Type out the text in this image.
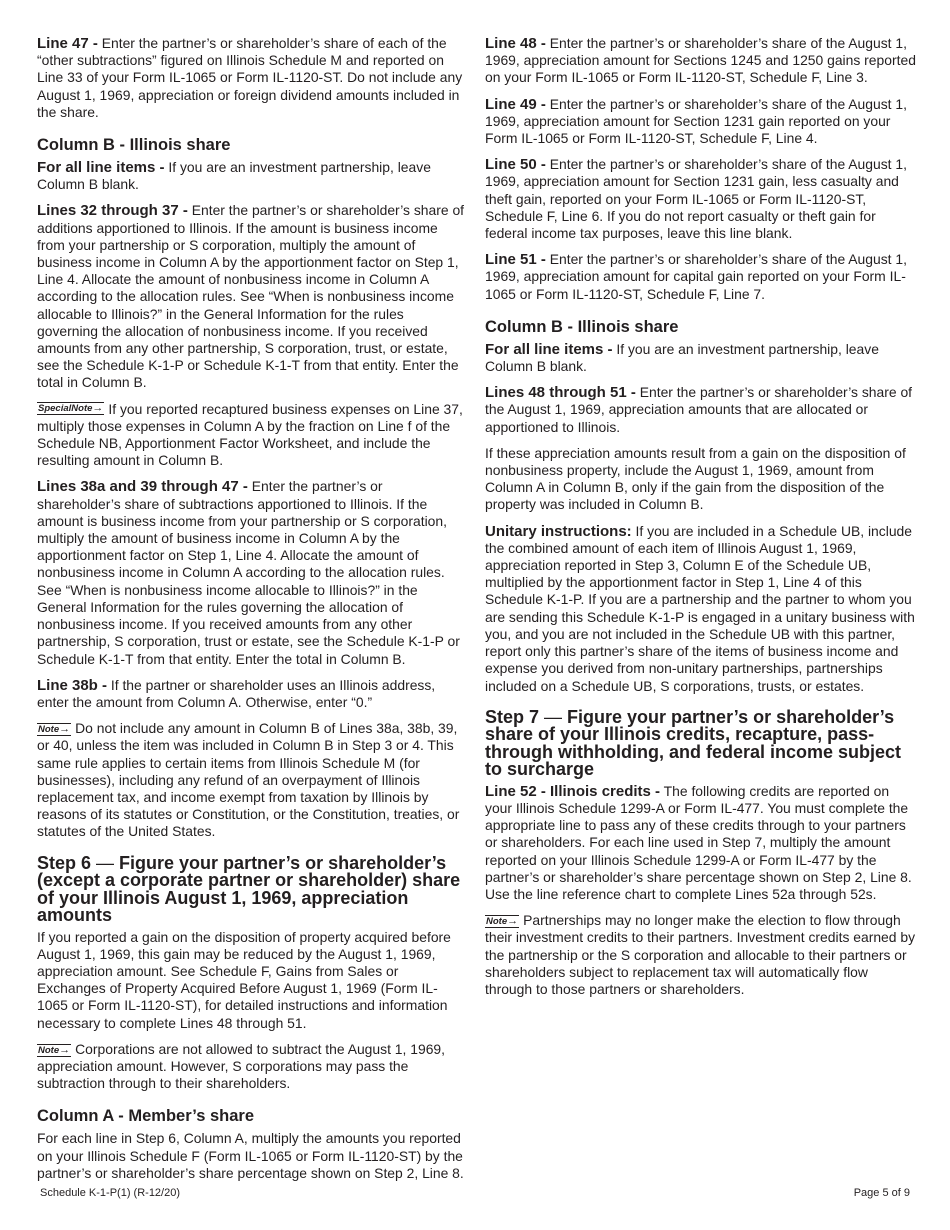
Line 47 - Enter the partner’s or shareholder’s share of each of the “other subtractions” figured on Illinois Schedule M and reported on Line 33 of your Form IL-1065 or Form IL-1120-ST. Do not include any August 1, 1969, appreciation or foreign dividend amounts included in the share.

Column B - Illinois share

For all line items - If you are an investment partnership, leave Column B blank.

Lines 32 through 37 - Enter the partner’s or shareholder’s share of additions apportioned to Illinois. If the amount is business income from your partnership or S corporation, multiply the amount of business income in Column A by the apportionment factor on Step 1, Line 4. Allocate the amount of nonbusiness income in Column A according to the allocation rules. See “When is nonbusiness income allocable to Illinois?” in the General Information for the rules governing the allocation of nonbusiness income. If you received amounts from any other partnership, S corporation, trust, or estate, see the Schedule K-1-P or Schedule K-1-T from that entity. Enter the total in Column B.

SpecialNote→ If you reported recaptured business expenses on Line 37, multiply those expenses in Column A by the fraction on Line f of the Schedule NB, Apportionment Factor Worksheet, and include the resulting amount in Column B.

Lines 38a and 39 through 47 - Enter the partner’s or shareholder’s share of subtractions apportioned to Illinois. If the amount is business income from your partnership or S corporation, multiply the amount of business income in Column A by the apportionment factor on Step 1, Line 4. Allocate the amount of nonbusiness income in Column A according to the allocation rules. See “When is nonbusiness income allocable to Illinois?” in the General Information for the rules governing the allocation of nonbusiness income. If you received amounts from any other partnership, S corporation, trust or estate, see the Schedule K-1-P or Schedule K-1-T from that entity. Enter the total in Column B.

Line 38b - If the partner or shareholder uses an Illinois address, enter the amount from Column A. Otherwise, enter “0.”

Note→ Do not include any amount in Column B of Lines 38a, 38b, 39, or 40, unless the item was included in Column B in Step 3 or 4. This same rule applies to certain items from Illinois Schedule M (for businesses), including any refund of an overpayment of Illinois replacement tax, and income exempt from taxation by Illinois by reasons of its statutes or Constitution, or the Constitution, treaties, or statutes of the United States.

Step 6 — Figure your partner’s or shareholder’s (except a corporate partner or shareholder) share of your Illinois August 1, 1969, appreciation amounts

If you reported a gain on the disposition of property acquired before August 1, 1969, this gain may be reduced by the August 1, 1969, appreciation amount. See Schedule F, Gains from Sales or Exchanges of Property Acquired Before August 1, 1969 (Form IL-1065 or Form IL-1120-ST), for detailed instructions and information necessary to complete Lines 48 through 51.

Note→ Corporations are not allowed to subtract the August 1, 1969, appreciation amount. However, S corporations may pass the subtraction through to their shareholders.

Column A - Member’s share

For each line in Step 6, Column A, multiply the amounts you reported on your Illinois Schedule F (Form IL-1065 or Form IL-1120-ST) by the partner’s or shareholder’s share percentage shown on Step 2, Line 8.

Line 48 - Enter the partner’s or shareholder’s share of the August 1, 1969, appreciation amount for Sections 1245 and 1250 gains reported on your Form IL-1065 or Form IL-1120-ST, Schedule F, Line 3.

Line 49 - Enter the partner’s or shareholder’s share of the August 1, 1969, appreciation amount for Section 1231 gain reported on your Form IL-1065 or Form IL-1120-ST, Schedule F, Line 4.

Line 50 - Enter the partner’s or shareholder’s share of the August 1, 1969, appreciation amount for Section 1231 gain, less casualty and theft gain, reported on your Form IL-1065 or Form IL-1120-ST, Schedule F, Line 6. If you do not report casualty or theft gain for federal income tax purposes, leave this line blank.

Line 51 - Enter the partner’s or shareholder’s share of the August 1, 1969, appreciation amount for capital gain reported on your Form IL-1065 or Form IL-1120-ST, Schedule F, Line 7.

Column B - Illinois share

For all line items - If you are an investment partnership, leave Column B blank.

Lines 48 through 51 - Enter the partner’s or shareholder’s share of the August 1, 1969, appreciation amounts that are allocated or apportioned to Illinois.

If these appreciation amounts result from a gain on the disposition of nonbusiness property, include the August 1, 1969, amount from Column A in Column B, only if the gain from the disposition of the property was included in Column B.

Unitary instructions: If you are included in a Schedule UB, include the combined amount of each item of Illinois August 1, 1969, appreciation reported in Step 3, Column E of the Schedule UB, multiplied by the apportionment factor in Step 1, Line 4 of this Schedule K-1-P. If you are a partnership and the partner to whom you are sending this Schedule K-1-P is engaged in a unitary business with you, and you are not included in the Schedule UB with this partner, report only this partner’s share of the items of business income and expense you derived from non-unitary partnerships, partnerships included on a Schedule UB, S corporations, trusts, or estates.

Step 7 — Figure your partner’s or shareholder’s share of your Illinois credits, recapture, pass-through withholding, and federal income subject to surcharge

Line 52 - Illinois credits - The following credits are reported on your Illinois Schedule 1299-A or Form IL-477. You must complete the appropriate line to pass any of these credits through to your partners or shareholders. For each line used in Step 7, multiply the amount reported on your Illinois Schedule 1299-A or Form IL-477 by the partner’s or shareholder’s share percentage shown on Step 2, Line 8. Use the line reference chart to complete Lines 52a through 52s.

Note→ Partnerships may no longer make the election to flow through their investment credits to their partners. Investment credits earned by the partnership or the S corporation and allocable to their partners or shareholders subject to replacement tax will automatically flow through to those partners or shareholders.

Schedule K-1-P(1) (R-12/20)	Page 5 of 9
